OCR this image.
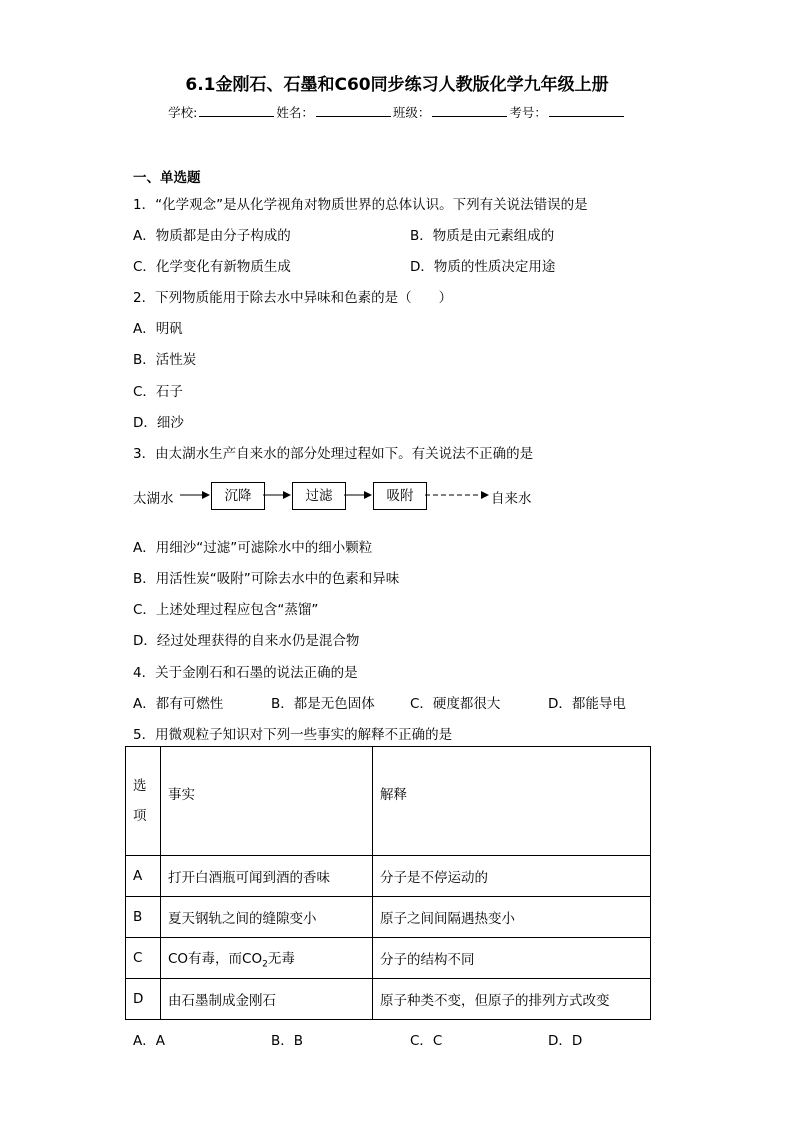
6.1金刚石、石墨和C60同步练习人教版化学九年级上册
学校:	姓名：	班级：	考号：
一、单选题
1．“化学观念”是从化学视角对物质世界的总体认识。下列有关说法错误的是
A．物质都是由分子构成的	B．物质是由元素组成的
C．化学变化有新物质生成	D．物质的性质决定用途
2．下列物质能用于除去水中异味和色素的是（　　）
A．明矾
B．活性炭
C．石子
D．细沙
3．由太湖水生产自来水的部分处理过程如下。有关说法不正确的是
太湖水	沉降	过滤	吸附	自来水
A．用细沙“过滤”可滤除水中的细小颗粒
B．用活性炭“吸附”可除去水中的色素和异味
C．上述处理过程应包含“蒸馏”
D．经过处理获得的自来水仍是混合物
4．关于金刚石和石墨的说法正确的是
A．都有可燃性	B．都是无色固体	C．硬度都很大	D．都能导电
5．用微观粒子知识对下列一些事实的解释不正确的是
选
项	事实	解释
A	打开白酒瓶可闻到酒的香味	分子是不停运动的
B	夏天钢轨之间的缝隙变小	原子之间间隔遇热变小
C	CO有毒，而$CO_2$无毒	分子的结构不同
D	由石墨制成金刚石	原子种类不变，但原子的排列方式改变
A．A	B．B	C．C	D．D
